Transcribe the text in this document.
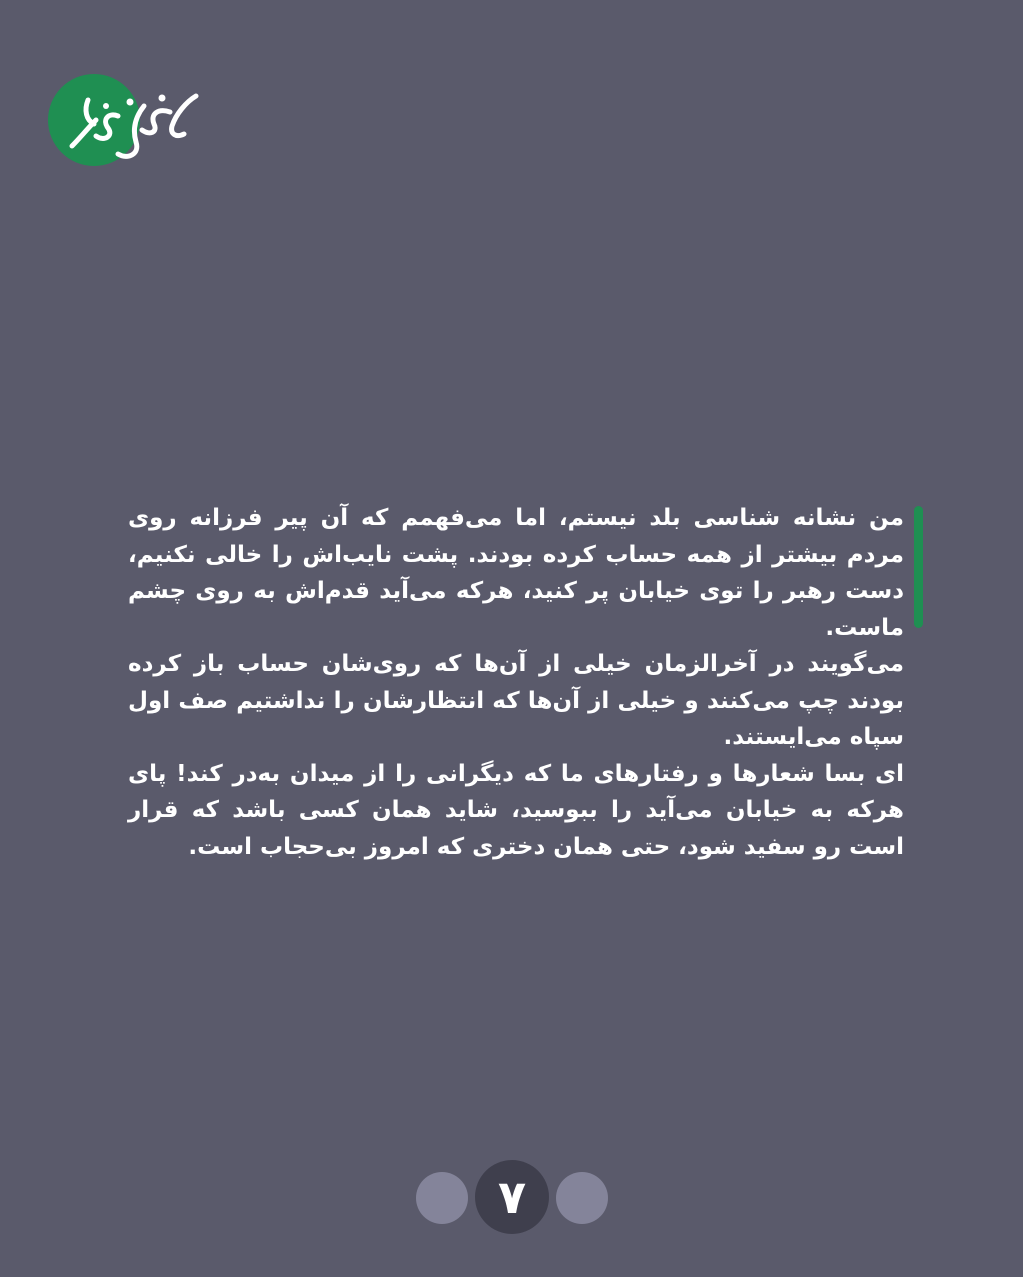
من نشانه شناسی بلد نیستم، اما می‌فهمم که آن پیر فرزانه روی مردم بیشتر از همه حساب کرده بودند. پشت نایب‌اش را خالی نکنیم، دست رهبر را توی خیابان پر کنید، هرکه می‌آید قدم‌اش به روی چشم ماست.

می‌گویند در آخرالزمان خیلی از آن‌ها که روی‌شان حساب باز کرده بودند چپ می‌کنند و خیلی از آن‌ها که انتظارشان را نداشتیم صف اول سپاه می‌ایستند.

ای بسا شعارها و رفتارهای ما که دیگرانی را از میدان به‌در کند! پای هرکه به خیابان می‌آید را ببوسید، شاید همان کسی باشد که قرار است رو سفید شود، حتی همان دختری که امروز بی‌حجاب است.

۷
